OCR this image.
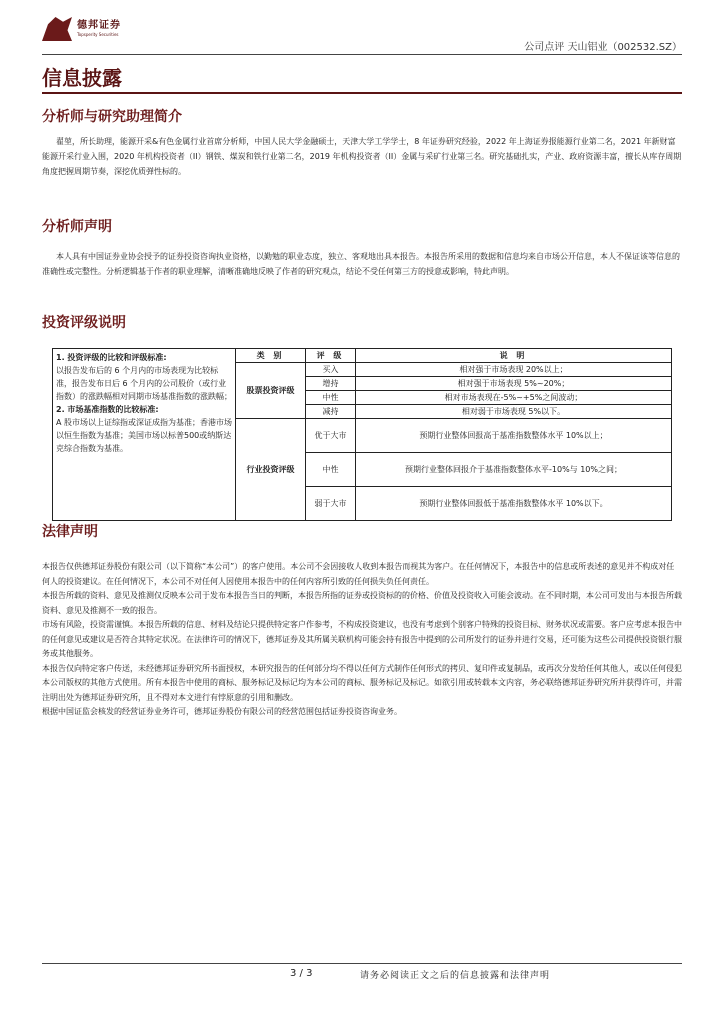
德邦证券
Topsperity Securities
公司点评 天山铝业（002532.SZ）
信息披露
分析师与研究助理简介

翟堃，所长助理，能源开采&有色金属行业首席分析师，中国人民大学金融硕士，天津大学工学学士，8 年证券研究经验，2022 年上海证券报能源行业第二名，2021 年新财富能源开采行业入围，2020 年机构投资者（II）钢铁、煤炭和铁行业第二名，2019 年机构投资者（II）金属与采矿行业第三名。研究基础扎实，产业、政府资源丰富，擅长从库存周期角度把握周期节奏，深挖优质弹性标的。

分析师声明

本人具有中国证券业协会授予的证券投资咨询执业资格，以勤勉的职业态度，独立、客观地出具本报告。本报告所采用的数据和信息均来自市场公开信息，本人不保证该等信息的准确性或完整性。分析逻辑基于作者的职业理解，清晰准确地反映了作者的研究观点，结论不受任何第三方的授意或影响，特此声明。

投资评级说明
1. 投资评级的比较和评级标准:
以报告发布后的 6 个月内的市场表现为比较标准，报告发布日后 6 个月内的公司股价（或行业指数）的涨跌幅相对同期市场基准指数的涨跌幅；
2. 市场基准指数的比较标准:
A 股市场以上证综指或深证成指为基准；香港市场以恒生指数为基准；美国市场以标普500或纳斯达克综合指数为基准。	类 别	评 级	说 明
	股票投资评级	买入	相对强于市场表现 20%以上；
		增持	相对强于市场表现 5%~20%；
		中性	相对市场表现在-5%~+5%之间波动；
		减持	相对弱于市场表现 5%以下。
	行业投资评级	优于大市	预期行业整体回报高于基准指数整体水平 10%以上；
		中性	预期行业整体回报介于基准指数整体水平-10%与 10%之间；
		弱于大市	预期行业整体回报低于基准指数整体水平 10%以下。
法律声明

本报告仅供德邦证券股份有限公司（以下简称“本公司”）的客户使用。本公司不会因接收人收到本报告而视其为客户。在任何情况下，本报告中的信息或所表述的意见并不构成对任何人的投资建议。在任何情况下，本公司不对任何人因使用本报告中的任何内容所引致的任何损失负任何责任。

本报告所载的资料、意见及推测仅反映本公司于发布本报告当日的判断，本报告所指的证券或投资标的的价格、价值及投资收入可能会波动。在不同时期，本公司可发出与本报告所载资料、意见及推测不一致的报告。

市场有风险，投资需谨慎。本报告所载的信息、材料及结论只提供特定客户作参考，不构成投资建议，也没有考虑到个别客户特殊的投资目标、财务状况或需要。客户应考虑本报告中的任何意见或建议是否符合其特定状况。在法律许可的情况下，德邦证券及其所属关联机构可能会持有报告中提到的公司所发行的证券并进行交易，还可能为这些公司提供投资银行服务或其他服务。

本报告仅向特定客户传送，未经德邦证券研究所书面授权，本研究报告的任何部分均不得以任何方式制作任何形式的拷贝、复印件或复制品，或再次分发给任何其他人，或以任何侵犯本公司版权的其他方式使用。所有本报告中使用的商标、服务标记及标记均为本公司的商标、服务标记及标记。如欲引用或转载本文内容，务必联络德邦证券研究所并获得许可，并需注明出处为德邦证券研究所，且不得对本文进行有悖原意的引用和删改。

根据中国证监会核发的经营证券业务许可，德邦证券股份有限公司的经营范围包括证券投资咨询业务。

3 / 3	请务必阅读正文之后的信息披露和法律声明
